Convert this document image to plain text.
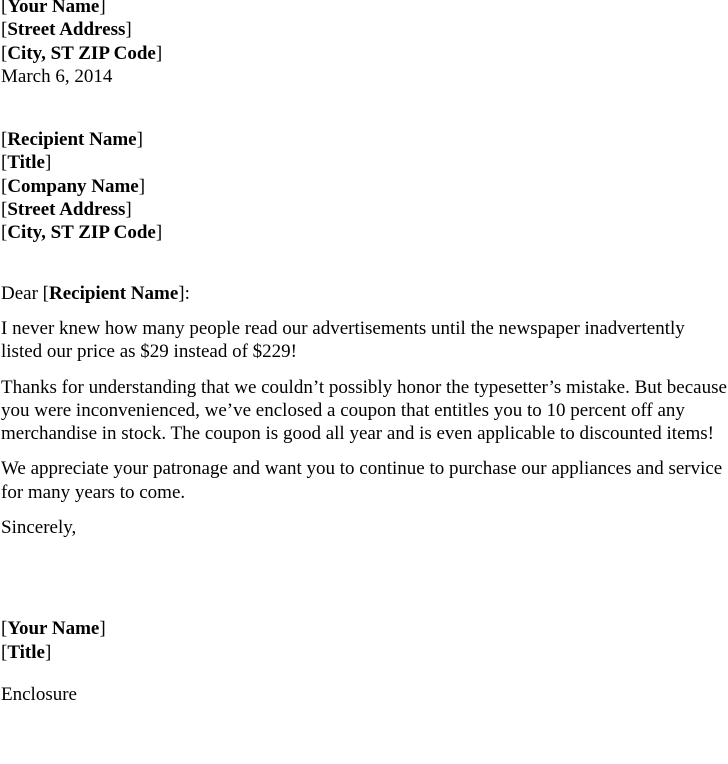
[Your Name]
[Street Address]
[City, ST ZIP Code]
March 6, 2014
[Recipient Name]
[Title]
[Company Name]
[Street Address]
[City, ST ZIP Code]
Dear [Recipient Name]:

I never knew how many people read our advertisements until the newspaper inadvertently listed our price as $29 instead of $229!

Thanks for understanding that we couldn’t possibly honor the typesetter’s mistake. But because you were inconvenienced, we’ve enclosed a coupon that entitles you to 10 percent off any merchandise in stock. The coupon is good all year and is even applicable to discounted items!

We appreciate your patronage and want you to continue to purchase our appliances and service for many years to come.

Sincerely,
[Your Name]
[Title]
Enclosure
